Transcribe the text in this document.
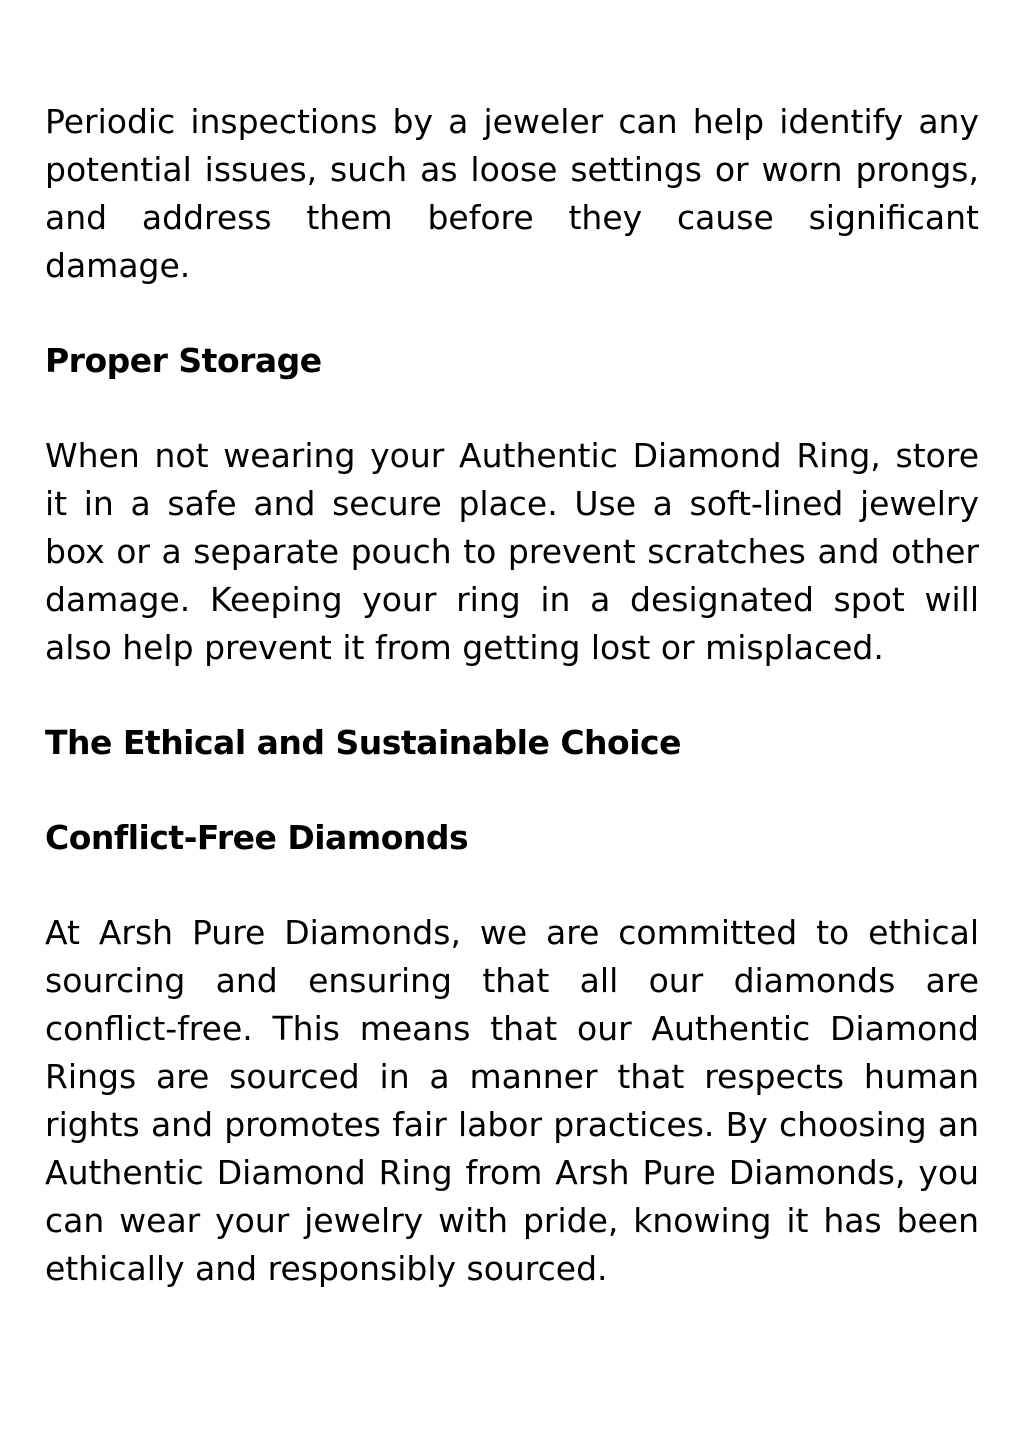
Periodic inspections by a jeweler can help identify any potential issues, such as loose settings or worn prongs, and address them before they cause significant damage.

Proper Storage

When not wearing your Authentic Diamond Ring, store it in a safe and secure place. Use a soft-lined jewelry box or a separate pouch to prevent scratches and other damage. Keeping your ring in a designated spot will also help prevent it from getting lost or misplaced.

The Ethical and Sustainable Choice
Conflict-Free Diamonds

At Arsh Pure Diamonds, we are committed to ethical sourcing and ensuring that all our diamonds are conflict-free. This means that our Authentic Diamond Rings are sourced in a manner that respects human rights and promotes fair labor practices. By choosing an Authentic Diamond Ring from Arsh Pure Diamonds, you can wear your jewelry with pride, knowing it has been ethically and responsibly sourced.
